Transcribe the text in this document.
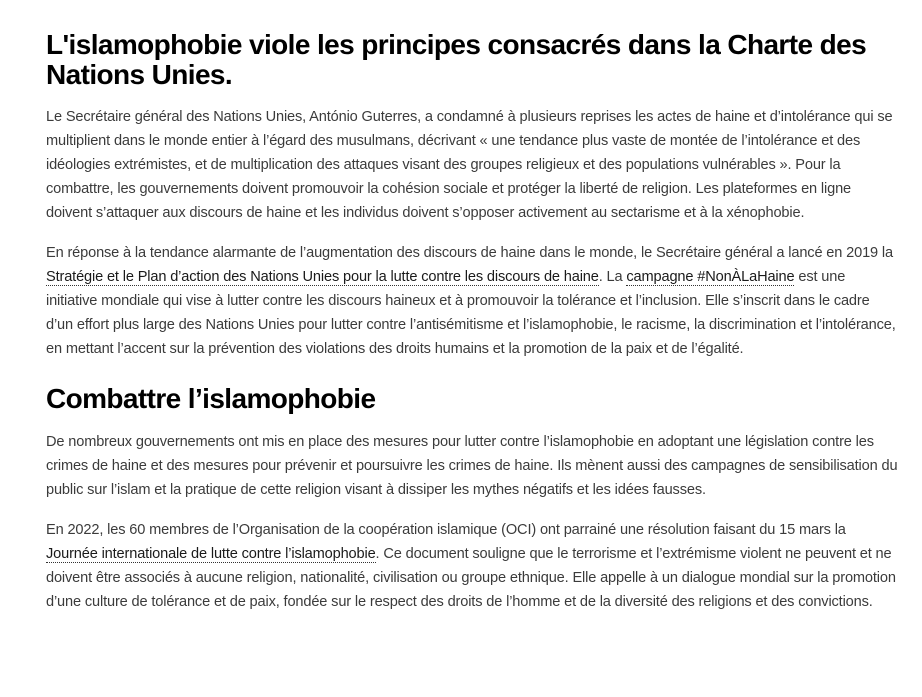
L'islamophobie viole les principes consacrés dans la Charte des Nations Unies.

Le Secrétaire général des Nations Unies, António Guterres, a condamné à plusieurs reprises les actes de haine et d’intolérance qui se multiplient dans le monde entier à l’égard des musulmans, décrivant « une tendance plus vaste de montée de l’intolérance et des idéologies extrémistes, et de multiplication des attaques visant des groupes religieux et des populations vulnérables ». Pour la combattre, les gouvernements doivent promouvoir la cohésion sociale et protéger la liberté de religion. Les plateformes en ligne doivent s’attaquer aux discours de haine et les individus doivent s’opposer activement au sectarisme et à la xénophobie.

En réponse à la tendance alarmante de l’augmentation des discours de haine dans le monde, le Secrétaire général a lancé en 2019 la Stratégie et le Plan d’action des Nations Unies pour la lutte contre les discours de haine. La campagne #NonÀLaHaine est une initiative mondiale qui vise à lutter contre les discours haineux et à promouvoir la tolérance et l’inclusion. Elle s’inscrit dans le cadre d’un effort plus large des Nations Unies pour lutter contre l’antisémitisme et l’islamophobie, le racisme, la discrimination et l’intolérance, en mettant l’accent sur la prévention des violations des droits humains et la promotion de la paix et de l’égalité.

Combattre l’islamophobie

De nombreux gouvernements ont mis en place des mesures pour lutter contre l’islamophobie en adoptant une législation contre les crimes de haine et des mesures pour prévenir et poursuivre les crimes de haine. Ils mènent aussi des campagnes de sensibilisation du public sur l’islam et la pratique de cette religion visant à dissiper les mythes négatifs et les idées fausses.

En 2022, les 60 membres de l’Organisation de la coopération islamique (OCI) ont parrainé une résolution faisant du 15 mars la Journée internationale de lutte contre l’islamophobie. Ce document souligne que le terrorisme et l’extrémisme violent ne peuvent et ne doivent être associés à aucune religion, nationalité, civilisation ou groupe ethnique. Elle appelle à un dialogue mondial sur la promotion d’une culture de tolérance et de paix, fondée sur le respect des droits de l’homme et de la diversité des religions et des convictions.
